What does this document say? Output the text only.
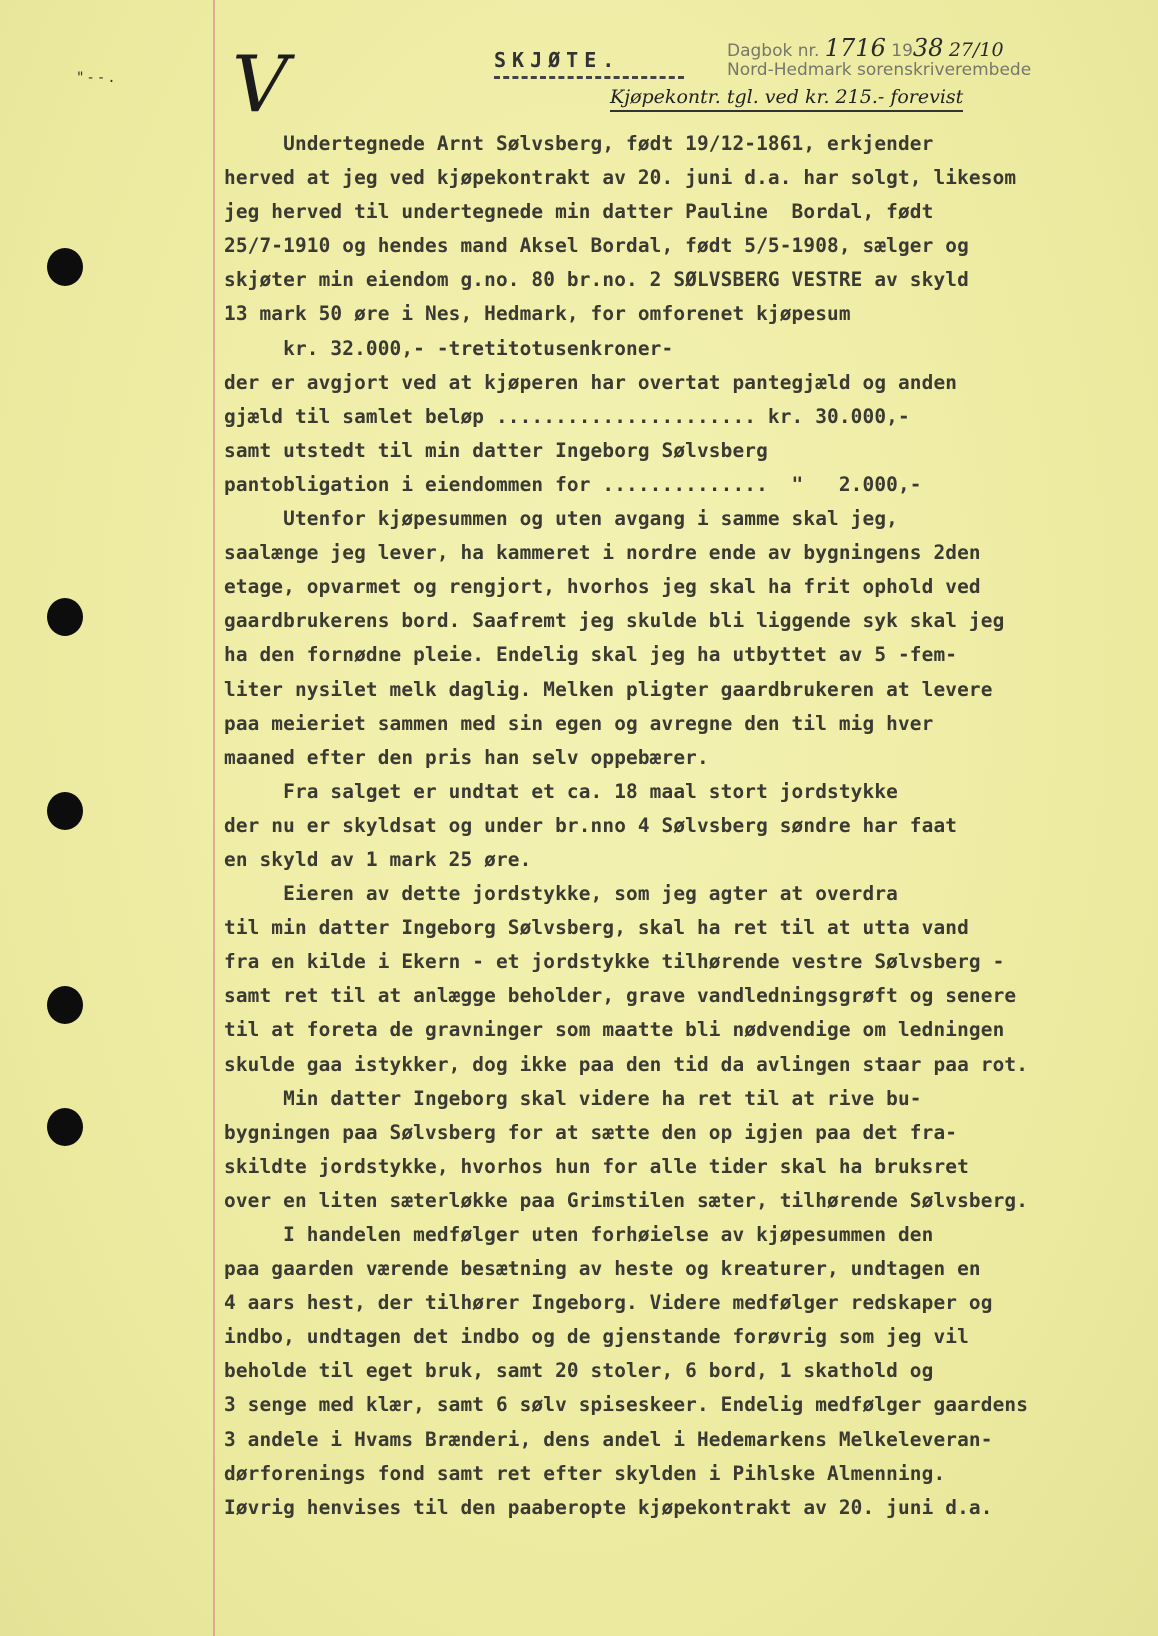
"--. V	SKJØTE.	Dagbok nr. 1716 1938 27/10
Nord-Hedmark sorenskriverembede
Kjøpekontr. tgl. ved kr. 215.- forevist
Undertegnede Arnt Sølvsberg, født 19/12-1861, erkjender
herved at jeg ved kjøpekontrakt av 20. juni d.a. har solgt, likesom
jeg herved til undertegnede min datter Pauline  Bordal, født
25/7-1910 og hendes mand Aksel Bordal, født 5/5-1908, sælger og
skjøter min eiendom g.no. 80 br.no. 2 SØLVSBERG VESTRE av skyld
13 mark 50 øre i Nes, Hedmark, for omforenet kjøpesum
kr. 32.000,- -tretitotusenkroner-
der er avgjort ved at kjøperen har overtat pantegjæld og anden
gjæld til samlet beløp ...................... kr. 30.000,-
samt utstedt til min datter Ingeborg Sølvsberg
pantobligation i eiendommen for ..............  "   2.000,-
Utenfor kjøpesummen og uten avgang i samme skal jeg,
saalænge jeg lever, ha kammeret i nordre ende av bygningens 2den
etage, opvarmet og rengjort, hvorhos jeg skal ha frit ophold ved
gaardbrukerens bord. Saafremt jeg skulde bli liggende syk skal jeg
ha den fornødne pleie. Endelig skal jeg ha utbyttet av 5 -fem-
liter nysilet melk daglig. Melken pligter gaardbrukeren at levere
paa meieriet sammen med sin egen og avregne den til mig hver
maaned efter den pris han selv oppebærer.
Fra salget er undtat et ca. 18 maal stort jordstykke
der nu er skyldsat og under br.nno 4 Sølvsberg søndre har faat
en skyld av 1 mark 25 øre.
Eieren av dette jordstykke, som jeg agter at overdra
til min datter Ingeborg Sølvsberg, skal ha ret til at utta vand
fra en kilde i Ekern - et jordstykke tilhørende vestre Sølvsberg -
samt ret til at anlægge beholder, grave vandledningsgrøft og senere
til at foreta de gravninger som maatte bli nødvendige om ledningen
skulde gaa istykker, dog ikke paa den tid da avlingen staar paa rot.
Min datter Ingeborg skal videre ha ret til at rive bu-
bygningen paa Sølvsberg for at sætte den op igjen paa det fra-
skildte jordstykke, hvorhos hun for alle tider skal ha bruksret
over en liten sæterløkke paa Grimstilen sæter, tilhørende Sølvsberg.
I handelen medfølger uten forhøielse av kjøpesummen den
paa gaarden værende besætning av heste og kreaturer, undtagen en
4 aars hest, der tilhører Ingeborg. Videre medfølger redskaper og
indbo, undtagen det indbo og de gjenstande forøvrig som jeg vil
beholde til eget bruk, samt 20 stoler, 6 bord, 1 skathold og
3 senge med klær, samt 6 sølv spiseskeer. Endelig medfølger gaardens
3 andele i Hvams Brænderi, dens andel i Hedemarkens Melkeleveran-
dørforenings fond samt ret efter skylden i Pihlske Almenning.
Iøvrig henvises til den paaberopte kjøpekontrakt av 20. juni d.a.
